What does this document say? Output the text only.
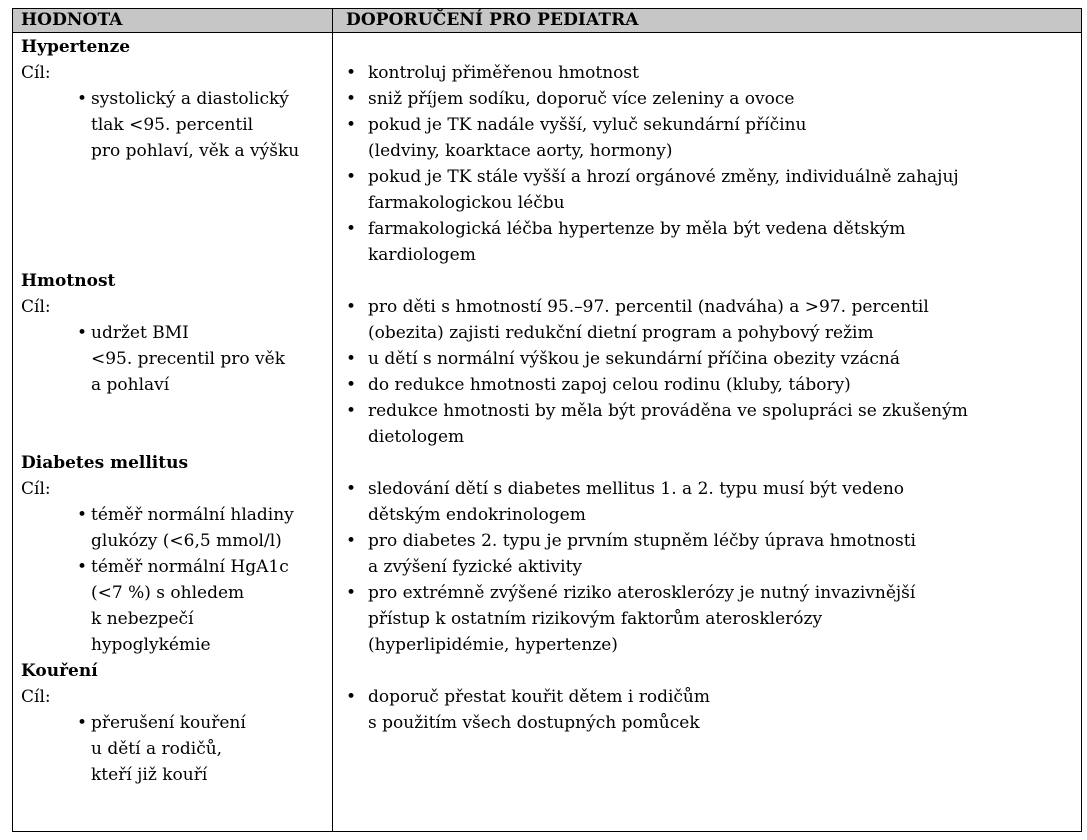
HODNOTA	DOPORUČENÍ PRO PEDIATRA
Hypertenze
Cíl:
• systolický a diastolický
tlak <95. percentil
pro pohlaví, věk a výšku
• kontroluj přiměřenou hmotnost
• sniž příjem sodíku, doporuč více zeleniny a ovoce
• pokud je TK nadále vyšší, vyluč sekundární příčinu
(ledviny, koarktace aorty, hormony)
• pokud je TK stále vyšší a hrozí orgánové změny, individuálně zahajuj
farmakologickou léčbu
• farmakologická léčba hypertenze by měla být vedena dětským
kardiologem
Hmotnost
Cíl:
• udržet BMI
<95. precentil pro věk
a pohlaví
• pro děti s hmotností 95.–97. percentil (nadváha) a >97. percentil
(obezita) zajisti redukční dietní program a pohybový režim
• u dětí s normální výškou je sekundární příčina obezity vzácná
• do redukce hmotnosti zapoj celou rodinu (kluby, tábory)
• redukce hmotnosti by měla být prováděna ve spolupráci se zkušeným
dietologem
Diabetes mellitus
Cíl:
• téměř normální hladiny
glukózy (<6,5 mmol/l)
• téměř normální HgA1c
(<7 %) s ohledem
k nebezpečí
hypoglykémie
• sledování dětí s diabetes mellitus 1. a 2. typu musí být vedeno
dětským endokrinologem
• pro diabetes 2. typu je prvním stupněm léčby úprava hmotnosti
a zvýšení fyzické aktivity
• pro extrémně zvýšené riziko aterosklerózy je nutný invazivnější
přístup k ostatním rizikovým faktorům aterosklerózy
(hyperlipidémie, hypertenze)
Kouření
Cíl:
• přerušení kouření
u dětí a rodičů,
kteří již kouří
• doporuč přestat kouřit dětem i rodičům
s použitím všech dostupných pomůcek
